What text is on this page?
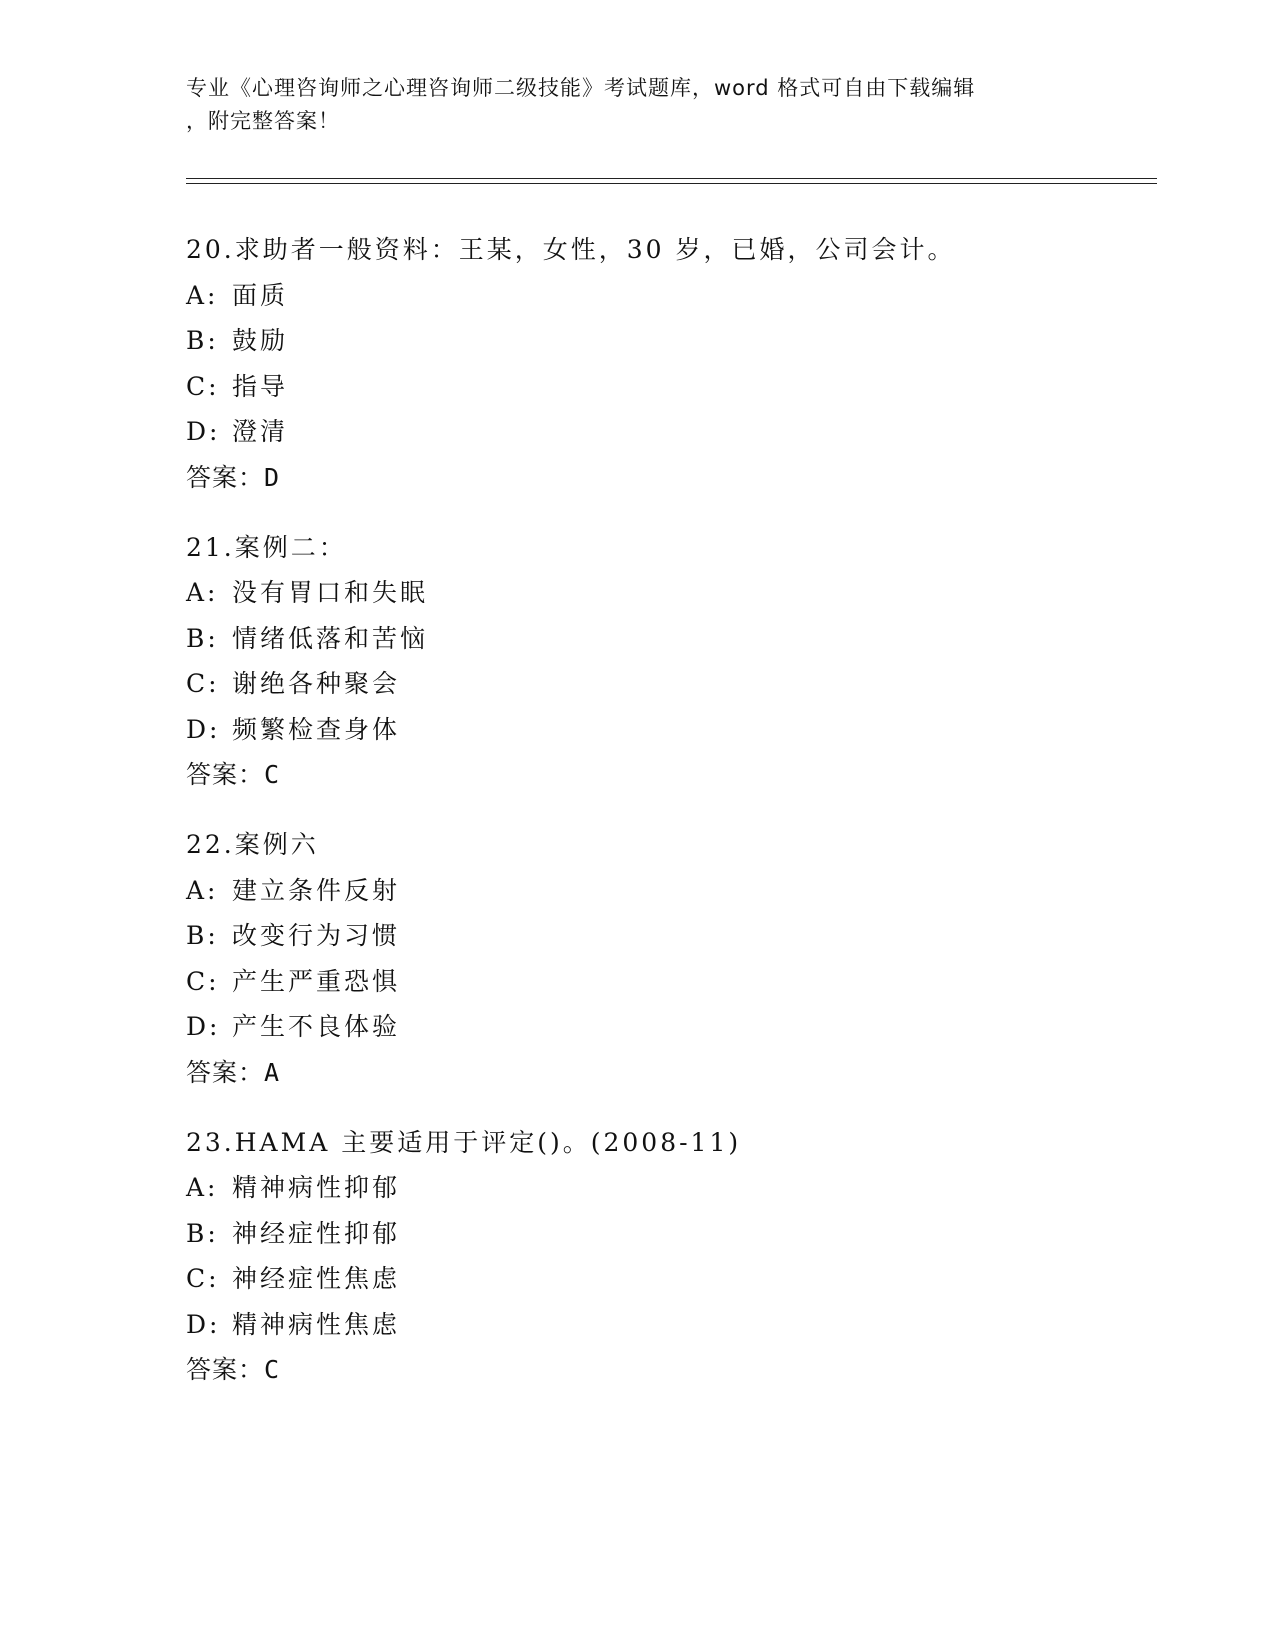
专业《心理咨询师之心理咨询师二级技能》考试题库，word 格式可自由下载编辑
，附完整答案！
20.求助者一般资料：王某，女性，30 岁，已婚，公司会计。
A: 面质
B: 鼓励
C: 指导
D: 澄清
答案：D
21.案例二：
A: 没有胃口和失眠
B: 情绪低落和苦恼
C: 谢绝各种聚会
D: 频繁检查身体
答案：C
22.案例六
A: 建立条件反射
B: 改变行为习惯
C: 产生严重恐惧
D: 产生不良体验
答案：A
23.HAMA 主要适用于评定()。(2008-11)
A: 精神病性抑郁
B: 神经症性抑郁
C: 神经症性焦虑
D: 精神病性焦虑
答案：C
